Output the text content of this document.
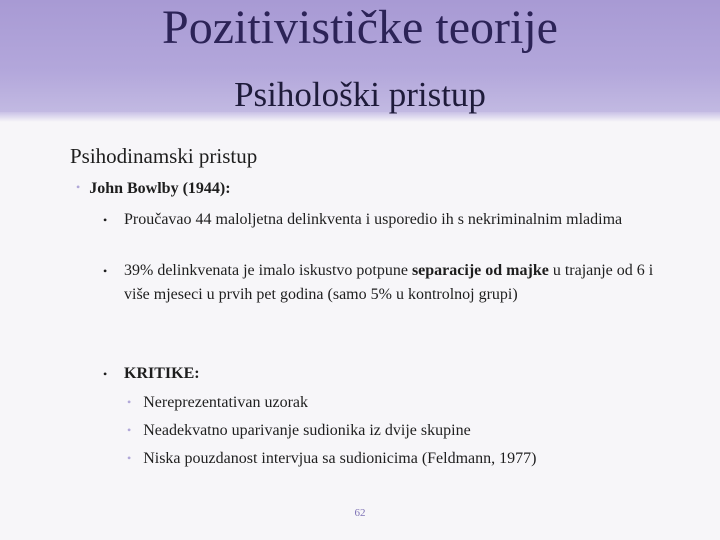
Pozitivističke teorije
Psihološki pristup
Psihodinamski pristup
• John Bowlby (1944):
• Proučavao 44 maloljetna delinkventa i usporedio ih s nekriminalnim mladima
• 39% delinkvenata je imalo iskustvo potpune separacije od majke u trajanje od 6 i više mjeseci u prvih pet godina (samo 5% u kontrolnoj grupi)
• KRITIKE:
• Nereprezentativan uzorak
• Neadekvatno uparivanje sudionika iz dvije skupine
• Niska pouzdanost intervjua sa sudionicima (Feldmann, 1977)
62
